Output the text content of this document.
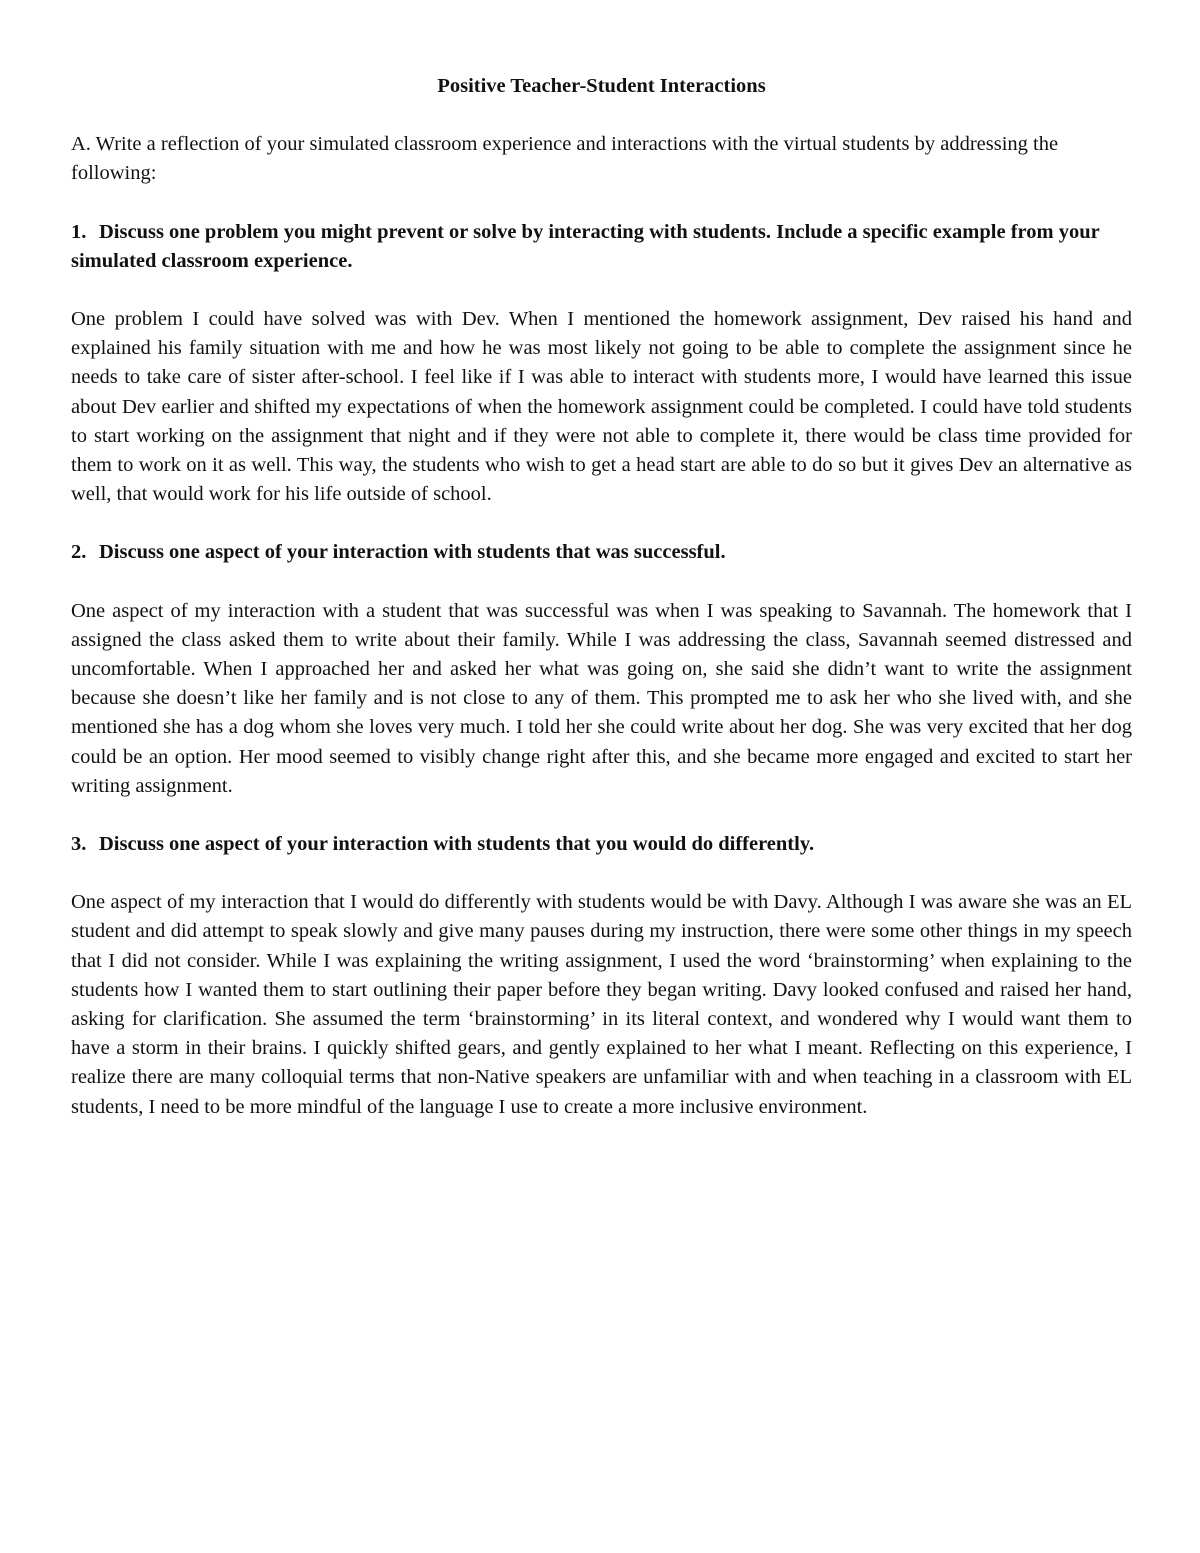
Positive Teacher-Student Interactions
A. Write a reflection of your simulated classroom experience and interactions with the virtual students by addressing the following:
1. Discuss one problem you might prevent or solve by interacting with students. Include a specific example from your simulated classroom experience.
One problem I could have solved was with Dev. When I mentioned the homework assignment, Dev raised his hand and explained his family situation with me and how he was most likely not going to be able to complete the assignment since he needs to take care of sister after-school. I feel like if I was able to interact with students more, I would have learned this issue about Dev earlier and shifted my expectations of when the homework assignment could be completed. I could have told students to start working on the assignment that night and if they were not able to complete it, there would be class time provided for them to work on it as well. This way, the students who wish to get a head start are able to do so but it gives Dev an alternative as well, that would work for his life outside of school.
2. Discuss one aspect of your interaction with students that was successful.
One aspect of my interaction with a student that was successful was when I was speaking to Savannah. The homework that I assigned the class asked them to write about their family. While I was addressing the class, Savannah seemed distressed and uncomfortable. When I approached her and asked her what was going on, she said she didn’t want to write the assignment because she doesn’t like her family and is not close to any of them. This prompted me to ask her who she lived with, and she mentioned she has a dog whom she loves very much. I told her she could write about her dog. She was very excited that her dog could be an option. Her mood seemed to visibly change right after this, and she became more engaged and excited to start her writing assignment.
3. Discuss one aspect of your interaction with students that you would do differently.
One aspect of my interaction that I would do differently with students would be with Davy. Although I was aware she was an EL student and did attempt to speak slowly and give many pauses during my instruction, there were some other things in my speech that I did not consider. While I was explaining the writing assignment, I used the word ‘brainstorming’ when explaining to the students how I wanted them to start outlining their paper before they began writing. Davy looked confused and raised her hand, asking for clarification. She assumed the term ‘brainstorming’ in its literal context, and wondered why I would want them to have a storm in their brains. I quickly shifted gears, and gently explained to her what I meant. Reflecting on this experience, I realize there are many colloquial terms that non-Native speakers are unfamiliar with and when teaching in a classroom with EL students, I need to be more mindful of the language I use to create a more inclusive environment.
